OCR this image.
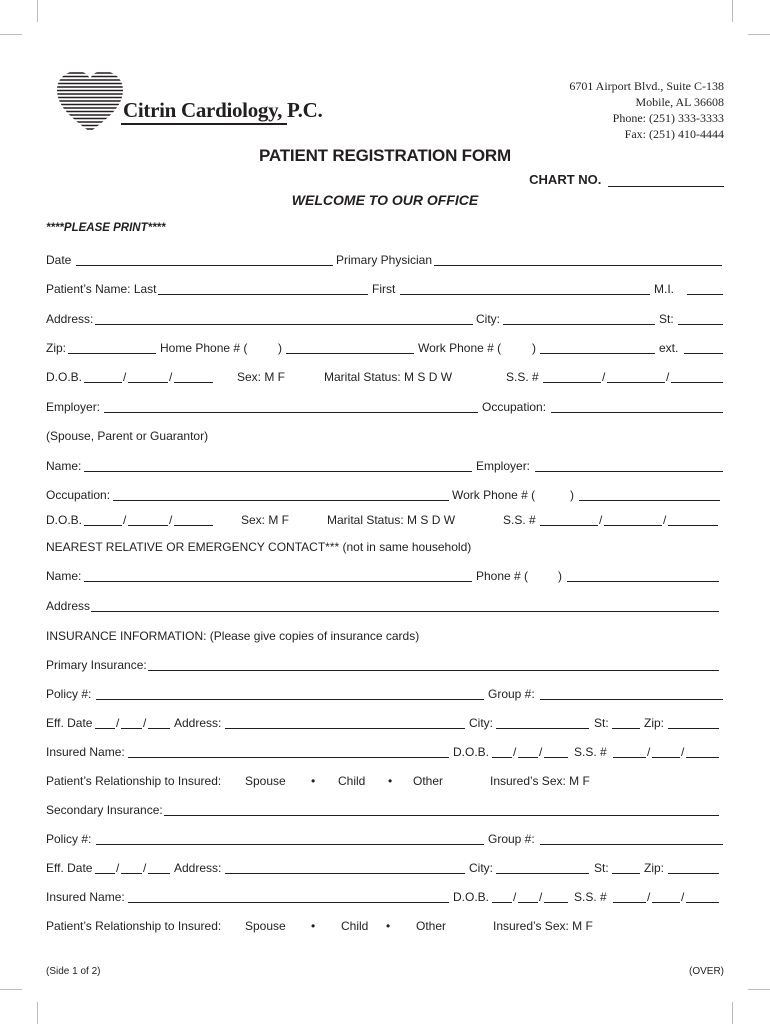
Citrin Cardiology, P.C.
6701 Airport Blvd., Suite C-138
Mobile, AL 36608
Phone: (251) 333-3333
Fax: (251) 410-4444
PATIENT REGISTRATION FORM
CHART NO.
WELCOME TO OUR OFFICE
****PLEASE PRINT****
Date	Primary Physician
Patient’s Name: Last	First	M.I.
Address:	City:	St:
Zip:	Home Phone # (	)	Work Phone # (	)	ext.
D.O.B.	/	/	Sex: M F	Marital Status: M S D W	S.S. #	/	/
Employer:	Occupation:
(Spouse, Parent or Guarantor)
Name:	Employer:
Occupation:	Work Phone # (	)
D.O.B.	/	/	Sex: M F	Marital Status: M S D W	S.S. #	/	/
NEAREST RELATIVE OR EMERGENCY CONTACT*** (not in same household)
Name:	Phone # ( )
Address
INSURANCE INFORMATION: (Please give copies of insurance cards)
Primary Insurance:
Policy #:	Group #:
Eff. Date / / Address:	City:	St:	Zip:
Insured Name:	D.O.B. / /	S.S. #	/	/
Patient’s Relationship to Insured: Spouse • Child • Other	Insured’s Sex: M F
Secondary Insurance:
Policy #:	Group #:
Eff. Date / / Address:	City:	St:	Zip:
Insured Name:	D.O.B. / /	S.S. #	/	/
Patient’s Relationship to Insured: Spouse • Child • Other	Insured’s Sex: M F
(Side 1 of 2)	(OVER)
